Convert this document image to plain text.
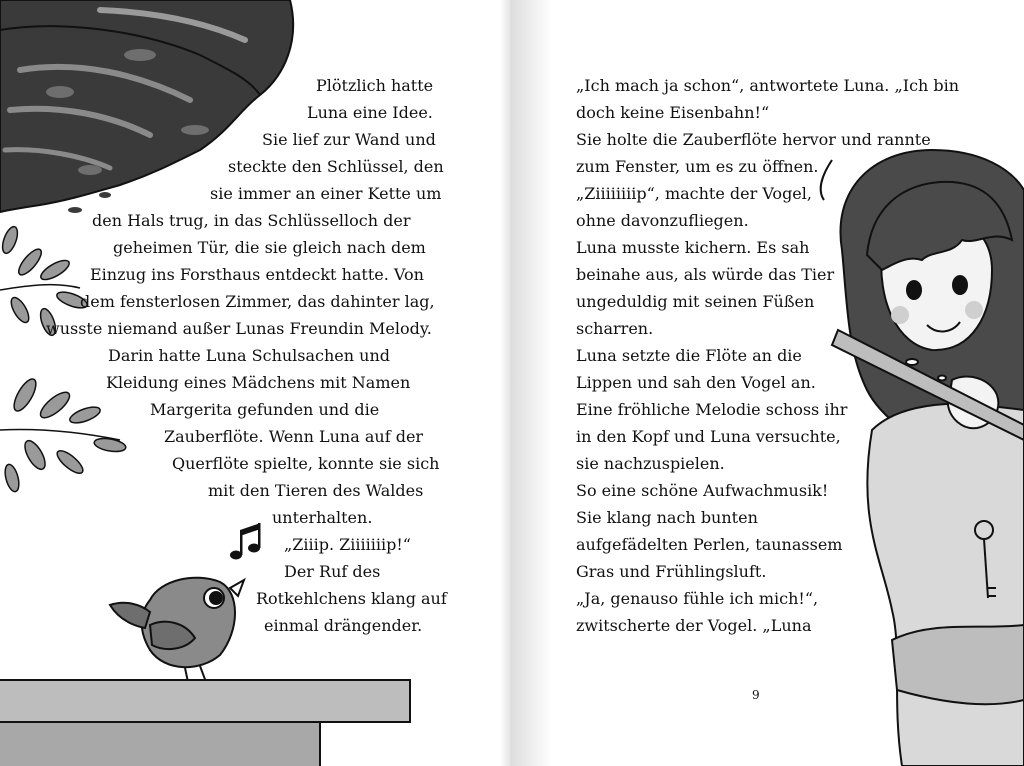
Plötzlich hatte
Luna eine Idee.
Sie lief zur Wand und
steckte den Schlüssel, den
sie immer an einer Kette um
den Hals trug, in das Schlüsselloch der
geheimen Tür, die sie gleich nach dem
Einzug ins Forsthaus entdeckt hatte. Von
dem fensterlosen Zimmer, das dahinter lag,
wusste niemand außer Lunas Freundin Melody.
Darin hatte Luna Schulsachen und
Kleidung eines Mädchens mit Namen
Margerita gefunden und die
Zauberflöte. Wenn Luna auf der
Querflöte spielte, konnte sie sich
mit den Tieren des Waldes
unterhalten.
„Ziiip. Ziiiiiiip!“
Der Ruf des
Rotkehlchens klang auf
einmal drängender.
„Ich mach ja schon“, antwortete Luna. „Ich bin
doch keine Eisenbahn!“
Sie holte die Zauberflöte hervor und rannte
zum Fenster, um es zu öffnen.
„Ziiiiiiiip“, machte der Vogel,
ohne davonzufliegen.
Luna musste kichern. Es sah
beinahe aus, als würde das Tier
ungeduldig mit seinen Füßen
scharren.
Luna setzte die Flöte an die
Lippen und sah den Vogel an.
Eine fröhliche Melodie schoss ihr
in den Kopf und Luna versuchte,
sie nachzuspielen.
So eine schöne Aufwachmusik!
Sie klang nach bunten
aufgefädelten Perlen, taunassem
Gras und Frühlingsluft.
„Ja, genauso fühle ich mich!“,
zwitscherte der Vogel. „Luna
9
